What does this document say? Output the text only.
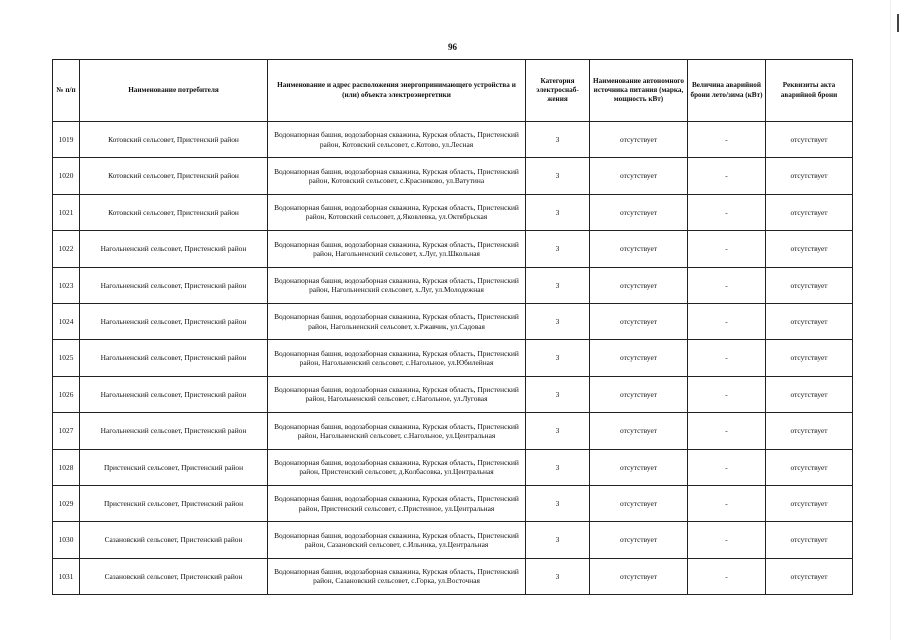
96
№ п/п	Наименование потребителя	Наименование и адрес расположения энергопринимающего устройства и (или) объекта электроэнергетики	Категория электроснаб-жения	Наименование автономного источника питания (марка, мощность кВт)	Величина аварийной брони лето/зима (кВт)	Реквизиты акта аварийной брони
1019	Котовский сельсовет, Пристенский район	Водонапорная башня, водозаборная скважина, Курская область, Пристенский район, Котовский сельсовет, с.Котово, ул.Лесная	3	отсутствует	-	отсутствует
1020	Котовский сельсовет, Пристенский район	Водонапорная башня, водозаборная скважина, Курская область, Пристенский район, Котовский сельсовет, с.Красниково, ул.Ватутина	3	отсутствует	-	отсутствует
1021	Котовский сельсовет, Пристенский район	Водонапорная башня, водозаборная скважина, Курская область, Пристенский район, Котовский сельсовет, д.Яковлевка, ул.Октябрьская	3	отсутствует	-	отсутствует
1022	Нагольненский сельсовет, Пристенский район	Водонапорная башня, водозаборная скважина, Курская область, Пристенский район, Нагольненский сельсовет, х.Луг, ул.Школьная	3	отсутствует	-	отсутствует
1023	Нагольненский сельсовет, Пристенский район	Водонапорная башня, водозаборная скважина, Курская область, Пристенский район, Нагольненский сельсовет, х.Луг, ул.Молодежная	3	отсутствует	-	отсутствует
1024	Нагольненский сельсовет, Пристенский район	Водонапорная башня, водозаборная скважина, Курская область, Пристенский район, Нагольненский сельсовет, х.Ржавчик, ул.Садовая	3	отсутствует	-	отсутствует
1025	Нагольненский сельсовет, Пристенский район	Водонапорная башня, водозаборная скважина, Курская область, Пристенский район, Нагольненский сельсовет, с.Нагольное, ул.Юбилейная	3	отсутствует	-	отсутствует
1026	Нагольненский сельсовет, Пристенский район	Водонапорная башня, водозаборная скважина, Курская область, Пристенский район, Нагольненский сельсовет, с.Нагольное, ул.Луговая	3	отсутствует	-	отсутствует
1027	Нагольненский сельсовет, Пристенский район	Водонапорная башня, водозаборная скважина, Курская область, Пристенский район, Нагольненский сельсовет, с.Нагольное, ул.Центральная	3	отсутствует	-	отсутствует
1028	Пристенский сельсовет, Пристенский район	Водонапорная башня, водозаборная скважина, Курская область, Пристенский район, Пристенский сельсовет, д.Колбасовка, ул.Центральная	3	отсутствует	-	отсутствует
1029	Пристенский сельсовет, Пристенский район	Водонапорная башня, водозаборная скважина, Курская область, Пристенский район, Пристенский сельсовет, с.Пристенное, ул.Центральная	3	отсутствует	-	отсутствует
1030	Сазановский сельсовет, Пристенский район	Водонапорная башня, водозаборная скважина, Курская область, Пристенский район, Сазановский сельсовет, с.Ильинка, ул.Центральная	3	отсутствует	-	отсутствует
1031	Сазановский сельсовет, Пристенский район	Водонапорная башня, водозаборная скважина, Курская область, Пристенский район, Сазановский сельсовет, с.Горка, ул.Восточная	3	отсутствует	-	отсутствует
